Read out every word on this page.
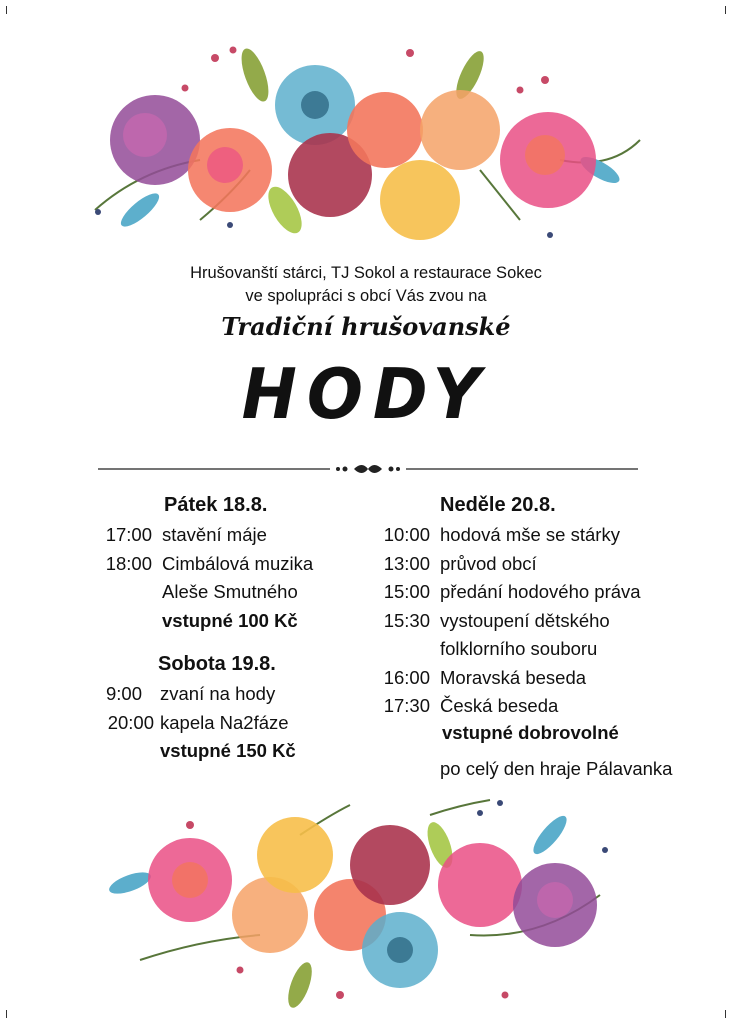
Hrušovanští stárci, TJ Sokol a restaurace Sokec
ve spolupráci s obcí Vás zvou na
Tradiční hrušovanské
HODY
Pátek 18.8.
17:00 stavění máje
18:00 Cimbálová muzika
Aleše Smutného
vstupné 100 Kč
Sobota 19.8.
9:00 zvaní na hody
20:00 kapela Na2fáze
vstupné 150 Kč
Neděle 20.8.
10:00 hodová mše se stárky
13:00 průvod obcí
15:00 předání hodového práva
15:30 vystoupení dětského
folklorního souboru
16:00 Moravská beseda
17:30 Česká beseda
vstupné dobrovolné
po celý den hraje Pálavanka
